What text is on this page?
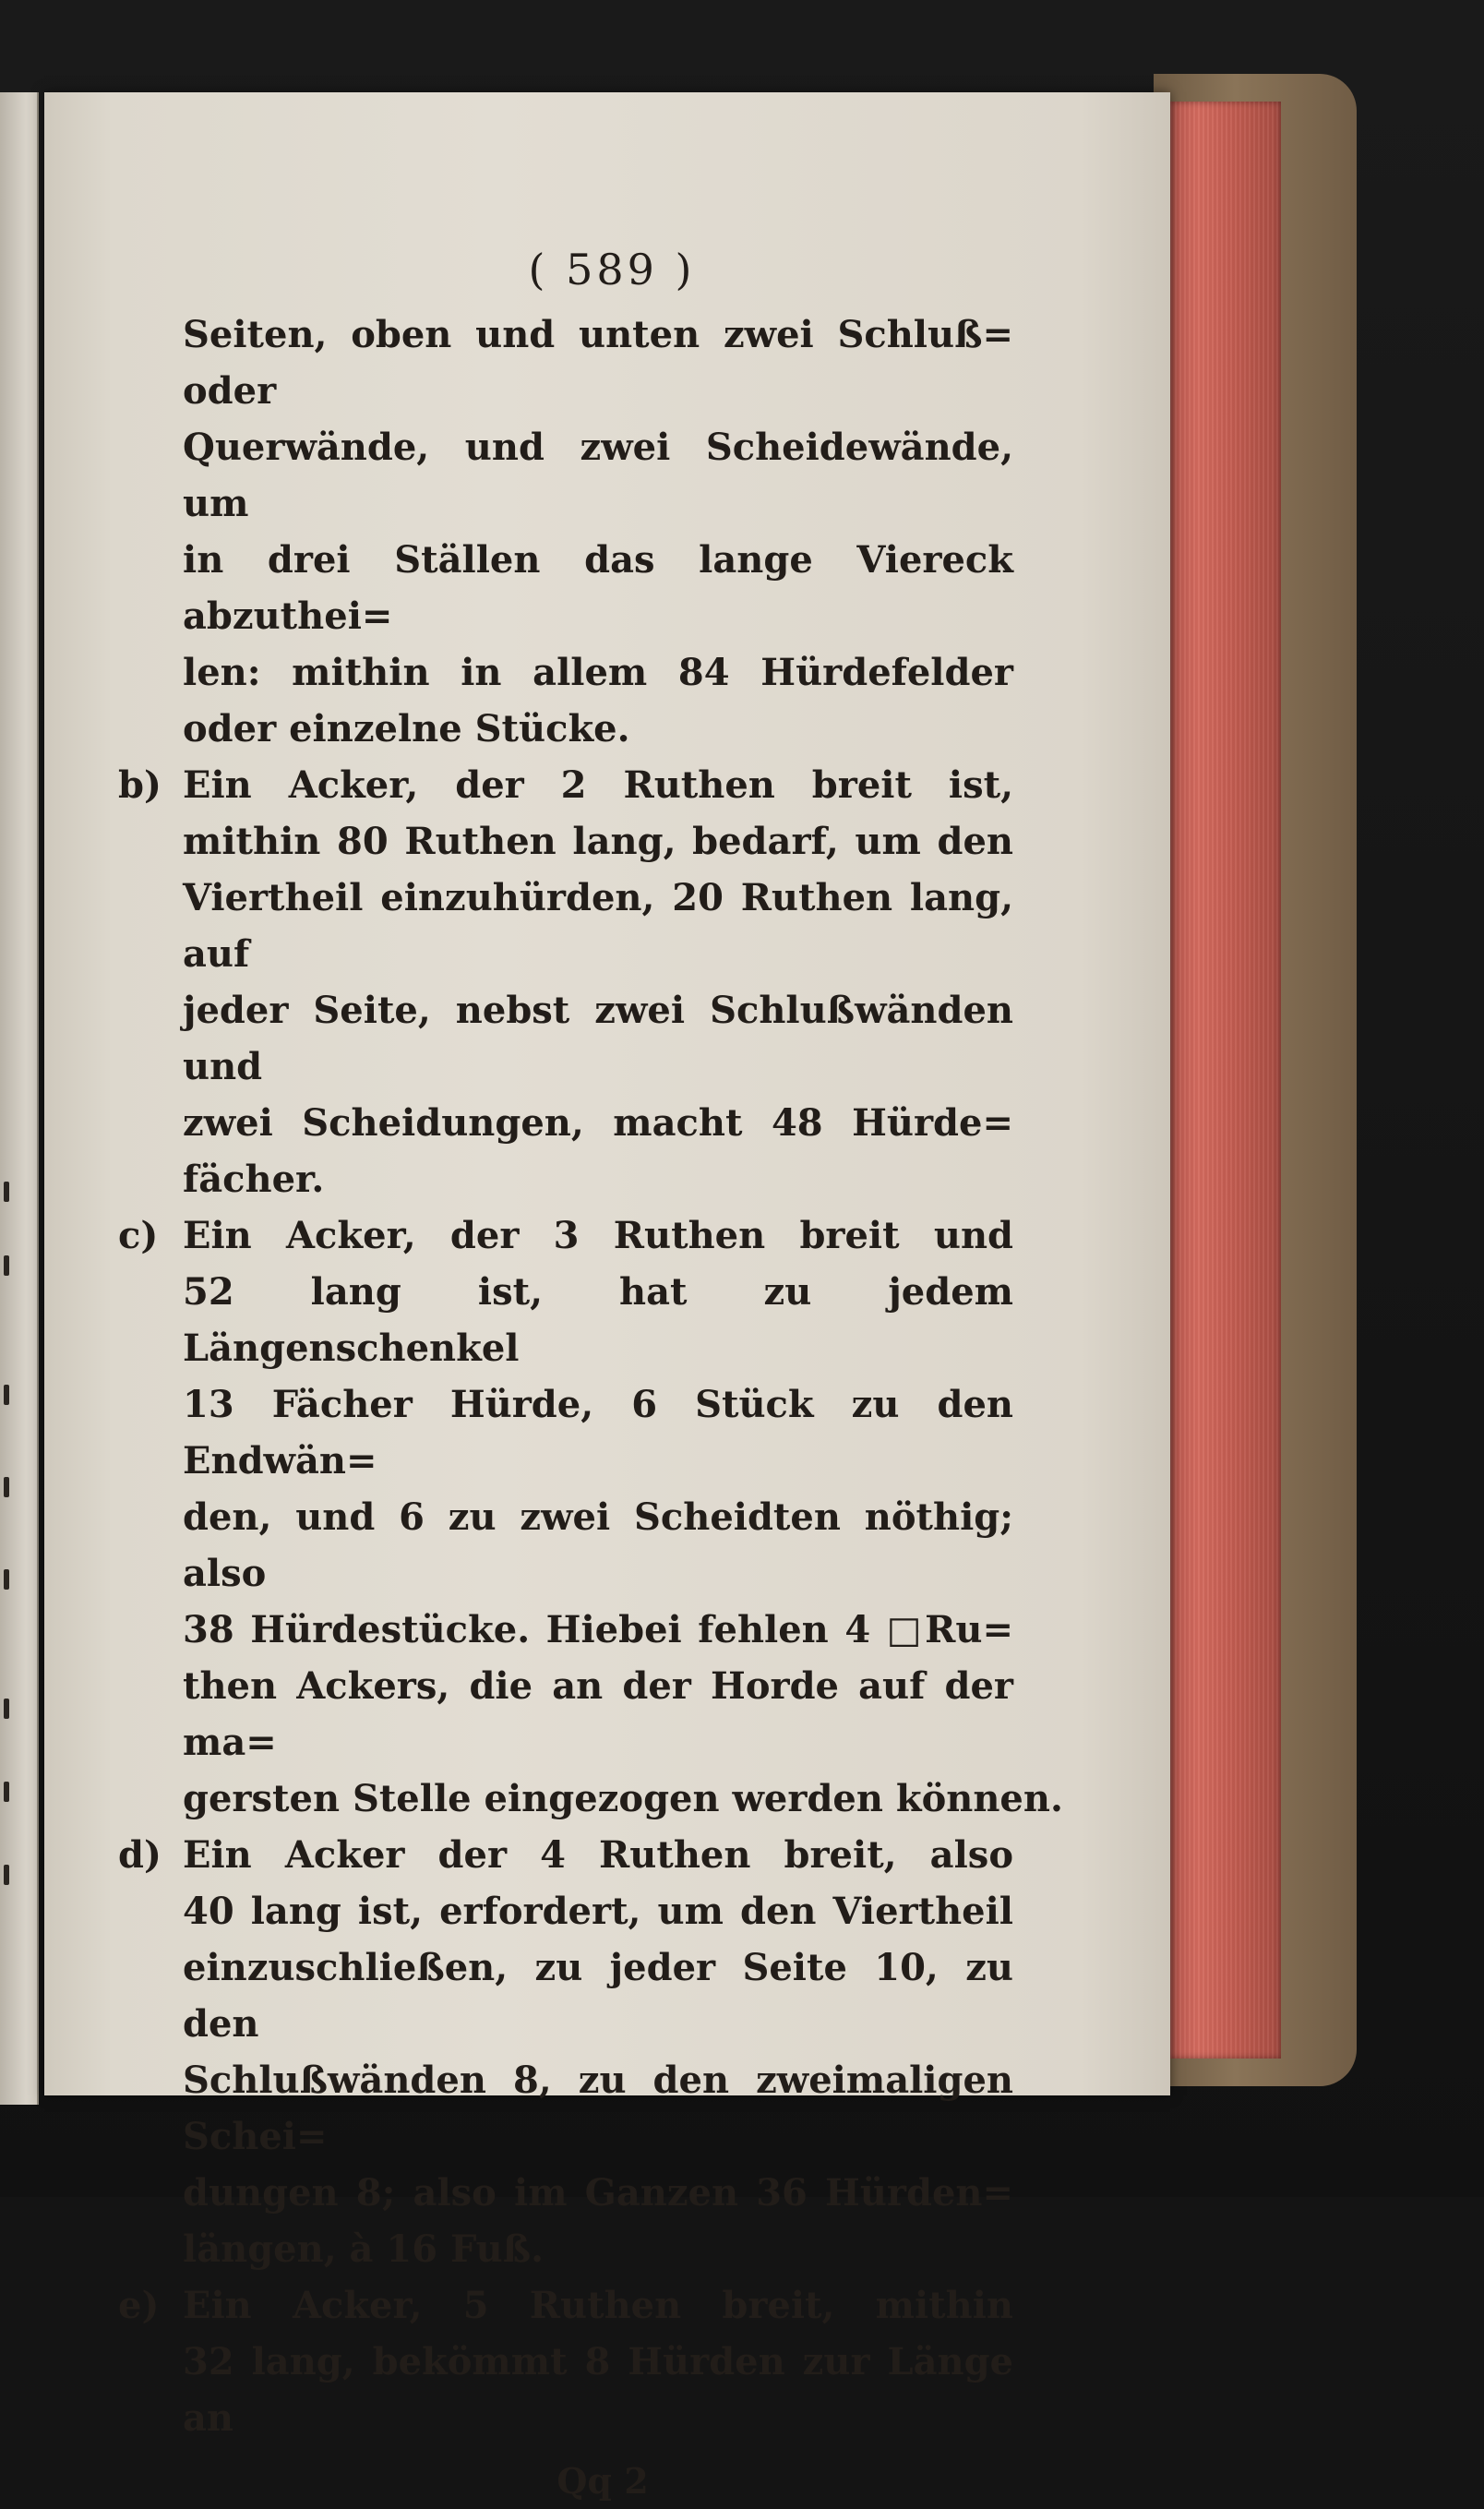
( 589 )
Seiten, oben und unten zwei Schluß= oder
Querwände, und zwei Scheidewände, um
in drei Ställen das lange Viereck abzuthei=
len: mithin in allem 84 Hürdefelder
oder einzelne Stücke.
b) Ein Acker, der 2 Ruthen breit ist,
mithin 80 Ruthen lang, bedarf, um den
Viertheil einzuhürden, 20 Ruthen lang, auf
jeder Seite, nebst zwei Schlußwänden und
zwei Scheidungen, macht 48 Hürde=
fächer.
c) Ein Acker, der 3 Ruthen breit und
52 lang ist, hat zu jedem Längenschenkel
13 Fächer Hürde, 6 Stück zu den Endwän=
den, und 6 zu zwei Scheidten nöthig; also
38 Hürdestücke. Hiebei fehlen 4 □Ru=
then Ackers, die an der Horde auf der ma=
gersten Stelle eingezogen werden können.
d) Ein Acker der 4 Ruthen breit, also
40 lang ist, erfordert, um den Viertheil
einzuschließen, zu jeder Seite 10, zu den
Schlußwänden 8, zu den zweimaligen Schei=
dungen 8; also im Ganzen 36 Hürden=
längen, à 16 Fuß.
e) Ein Acker, 5 Ruthen breit, mithin
32 lang, bekömmt 8 Hürden zur Länge an
Qq 2
